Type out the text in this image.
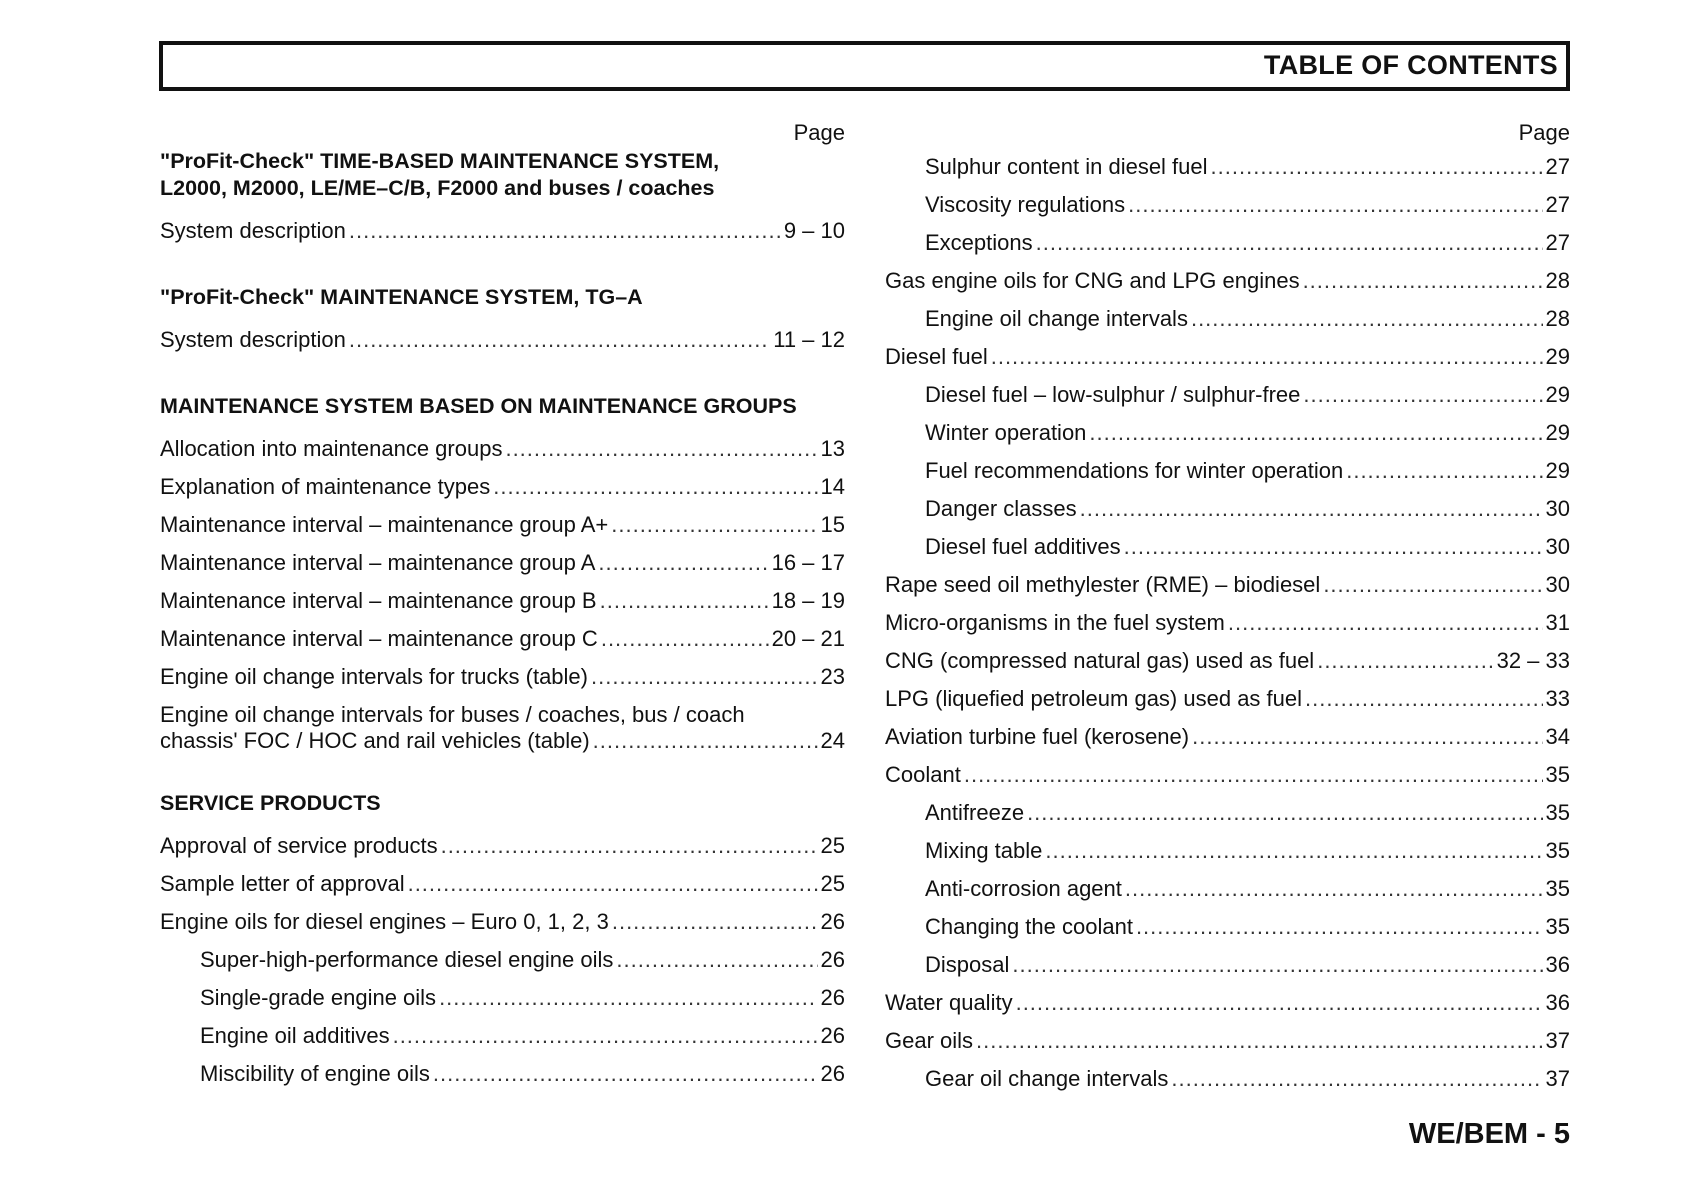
TABLE OF CONTENTS
Page
"ProFit-Check" TIME-BASED MAINTENANCE SYSTEM,
L2000, M2000, LE/ME–C/B, F2000 and buses / coaches
System description .....	9 – 10
"ProFit-Check" MAINTENANCE SYSTEM, TG–A
System description .....	11 – 12
MAINTENANCE SYSTEM BASED ON MAINTENANCE GROUPS
Allocation into maintenance groups .....	13
Explanation of maintenance types .....	14
Maintenance interval – maintenance group A+ .....	15
Maintenance interval – maintenance group A .....	16 – 17
Maintenance interval – maintenance group B .....	18 – 19
Maintenance interval – maintenance group C .....	20 – 21
Engine oil change intervals for trucks (table) .....	23
Engine oil change intervals for buses / coaches, bus / coach
chassis' FOC / HOC and rail vehicles (table) .....	24
SERVICE PRODUCTS
Approval of service products .....	25
Sample letter of approval .....	25
Engine oils for diesel engines – Euro 0, 1, 2, 3 .....	26
Super-high-performance diesel engine oils .....	26
Single-grade engine oils .....	26
Engine oil additives .....	26
Miscibility of engine oils .....	26
Page
Sulphur content in diesel fuel .....	27
Viscosity regulations .....	27
Exceptions .....	27
Gas engine oils for CNG and LPG engines .....	28
Engine oil change intervals .....	28
Diesel fuel .....	29
Diesel fuel – low-sulphur / sulphur-free .....	29
Winter operation .....	29
Fuel recommendations for winter operation .....	29
Danger classes .....	30
Diesel fuel additives .....	30
Rape seed oil methylester (RME) – biodiesel .....	30
Micro-organisms in the fuel system .....	31
CNG (compressed natural gas) used as fuel .....	32 – 33
LPG (liquefied petroleum gas) used as fuel .....	33
Aviation turbine fuel (kerosene) .....	34
Coolant .....	35
Antifreeze .....	35
Mixing table .....	35
Anti-corrosion agent .....	35
Changing the coolant .....	35
Disposal .....	36
Water quality .....	36
Gear oils .....	37
Gear oil change intervals .....	37
WE/BEM - 5
